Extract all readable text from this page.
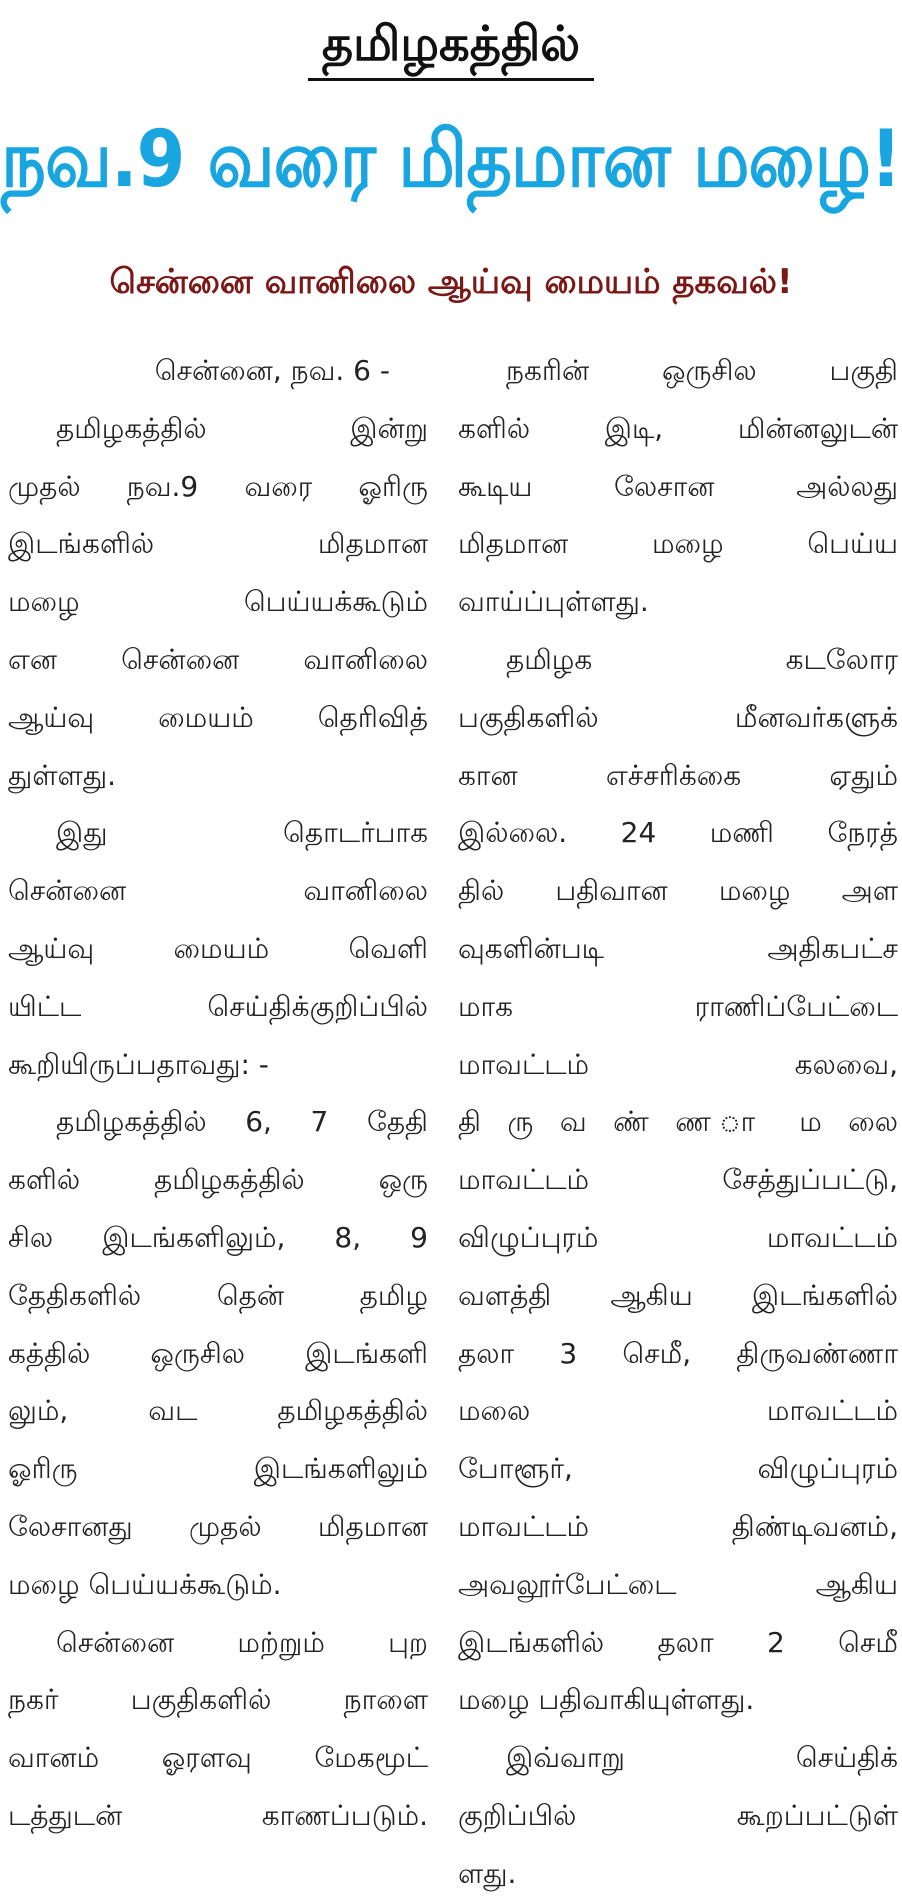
தமிழகத்தில்
நவ.9 வரை மிதமான மழை!
சென்னை வானிலை ஆய்வு மையம் தகவல்!
சென்னை, நவ. 6 -
தமிழகத்தில் இன்று
முதல் நவ.9 வரை ஓரிரு
இடங்களில் மிதமான
மழை பெய்யக்கூடும்
என சென்னை வானிலை
ஆய்வு மையம் தெரிவித்
துள்ளது.
இது தொடர்பாக
சென்னை வானிலை
ஆய்வு மையம் வெளி
யிட்ட செய்திக்குறிப்பில்
கூறியிருப்பதாவது: -
தமிழகத்தில் 6, 7 தேதி
களில் தமிழகத்தில் ஒரு
சில இடங்களிலும், 8, 9
தேதிகளில் தென் தமிழ
கத்தில் ஒருசில இடங்களி
லும், வட தமிழகத்தில்
ஓரிரு இடங்களிலும்
லேசானது முதல் மிதமான
மழை பெய்யக்கூடும்.
சென்னை மற்றும் புற
நகர் பகுதிகளில் நாளை
வானம் ஓரளவு மேகமூட்
டத்துடன் காணப்படும்.
நகரின் ஒருசில பகுதி
களில் இடி, மின்னலுடன்
கூடிய லேசான அல்லது
மிதமான மழை பெய்ய
வாய்ப்புள்ளது.
தமிழக கடலோர
பகுதிகளில் மீனவர்களுக்
கான எச்சரிக்கை ஏதும்
இல்லை. 24 மணி நேரத்
தில் பதிவான மழை அள
வுகளின்படி அதிகபட்ச
மாக ராணிப்பேட்டை
மாவட்டம் கலவை,
தி ரு வ ண் ண ா ம லை
மாவட்டம் சேத்துப்பட்டு,
விழுப்புரம் மாவட்டம்
வளத்தி ஆகிய இடங்களில்
தலா 3 செமீ, திருவண்ணா
மலை மாவட்டம்
போளூர், விழுப்புரம்
மாவட்டம் திண்டிவனம்,
அவலூர்பேட்டை ஆகிய
இடங்களில் தலா 2 செமீ
மழை பதிவாகியுள்ளது.
இவ்வாறு செய்திக்
குறிப்பில் கூறப்பட்டுள்
ளது.
